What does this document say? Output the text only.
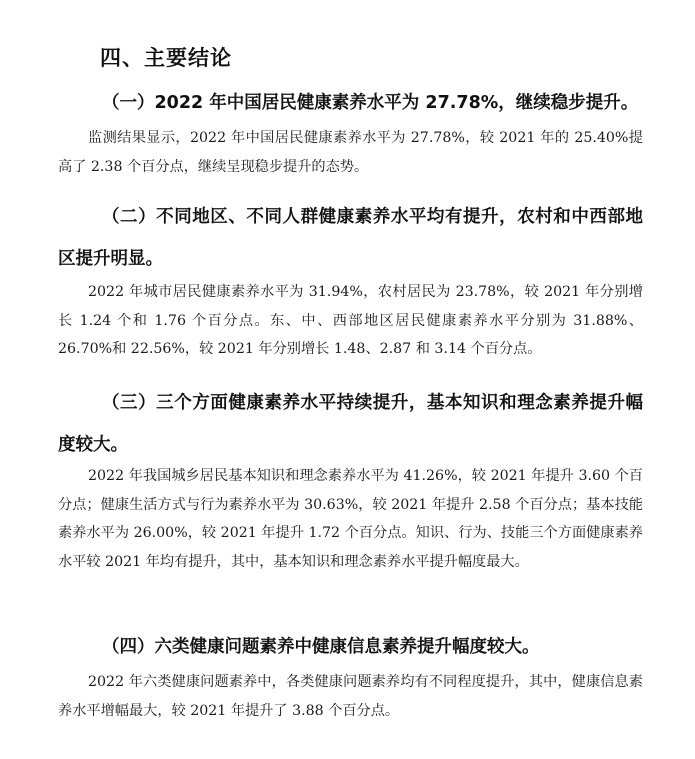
四、主要结论
（一）2022 年中国居民健康素养水平为 27.78%，继续稳步提升。

监测结果显示，2022 年中国居民健康素养水平为 27.78%，较 2021 年的 25.40%提高了 2.38 个百分点，继续呈现稳步提升的态势。

（二）不同地区、不同人群健康素养水平均有提升，农村和中西部地区提升明显。

2022 年城市居民健康素养水平为 31.94%，农村居民为 23.78%，较 2021 年分别增长 1.24 个和 1.76 个百分点。东、中、西部地区居民健康素养水平分别为 31.88%、26.70%和 22.56%，较 2021 年分别增长 1.48、2.87 和 3.14 个百分点。

（三）三个方面健康素养水平持续提升，基本知识和理念素养提升幅度较大。

2022 年我国城乡居民基本知识和理念素养水平为 41.26%，较 2021 年提升 3.60 个百分点；健康生活方式与行为素养水平为 30.63%，较 2021 年提升 2.58 个百分点；基本技能素养水平为 26.00%，较 2021 年提升 1.72 个百分点。知识、行为、技能三个方面健康素养水平较 2021 年均有提升，其中，基本知识和理念素养水平提升幅度最大。

（四）六类健康问题素养中健康信息素养提升幅度较大。

2022 年六类健康问题素养中，各类健康问题素养均有不同程度提升，其中，健康信息素养水平增幅最大，较 2021 年提升了 3.88 个百分点。
